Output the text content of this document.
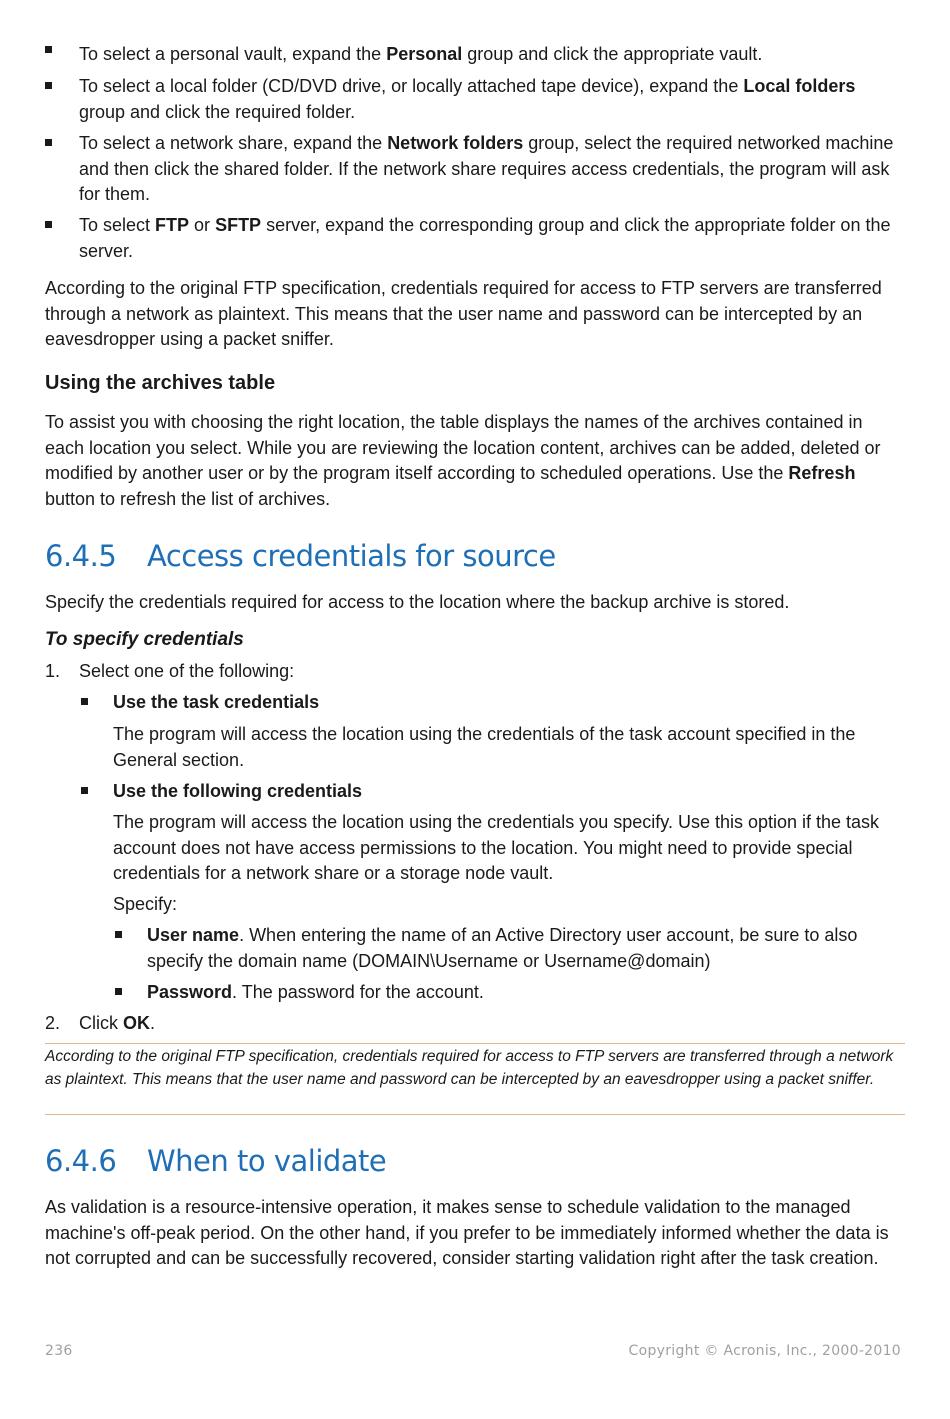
To select a personal vault, expand the Personal group and click the appropriate vault.
To select a local folder (CD/DVD drive, or locally attached tape device), expand the Local folders group and click the required folder.
To select a network share, expand the Network folders group, select the required networked machine and then click the shared folder. If the network share requires access credentials, the program will ask for them.
To select FTP or SFTP server, expand the corresponding group and click the appropriate folder on the server.

According to the original FTP specification, credentials required for access to FTP servers are transferred through a network as plaintext. This means that the user name and password can be intercepted by an eavesdropper using a packet sniffer.

Using the archives table

To assist you with choosing the right location, the table displays the names of the archives contained in each location you select. While you are reviewing the location content, archives can be added, deleted or modified by another user or by the program itself according to scheduled operations. Use the Refresh button to refresh the list of archives.

6.4.5 Access credentials for source

Specify the credentials required for access to the location where the backup archive is stored.

To specify credentials
1. Select one of the following:
Use the task credentials
The program will access the location using the credentials of the task account specified in the General section.
Use the following credentials
The program will access the location using the credentials you specify. Use this option if the task account does not have access permissions to the location. You might need to provide special credentials for a network share or a storage node vault.
Specify:
User name. When entering the name of an Active Directory user account, be sure to also specify the domain name (DOMAIN\Username or Username@domain)
Password. The password for the account.
2. Click OK.

According to the original FTP specification, credentials required for access to FTP servers are transferred through a network as plaintext. This means that the user name and password can be intercepted by an eavesdropper using a packet sniffer.

6.4.6 When to validate

As validation is a resource-intensive operation, it makes sense to schedule validation to the managed machine's off-peak period. On the other hand, if you prefer to be immediately informed whether the data is not corrupted and can be successfully recovered, consider starting validation right after the task creation.

236	Copyright © Acronis, Inc., 2000-2010
